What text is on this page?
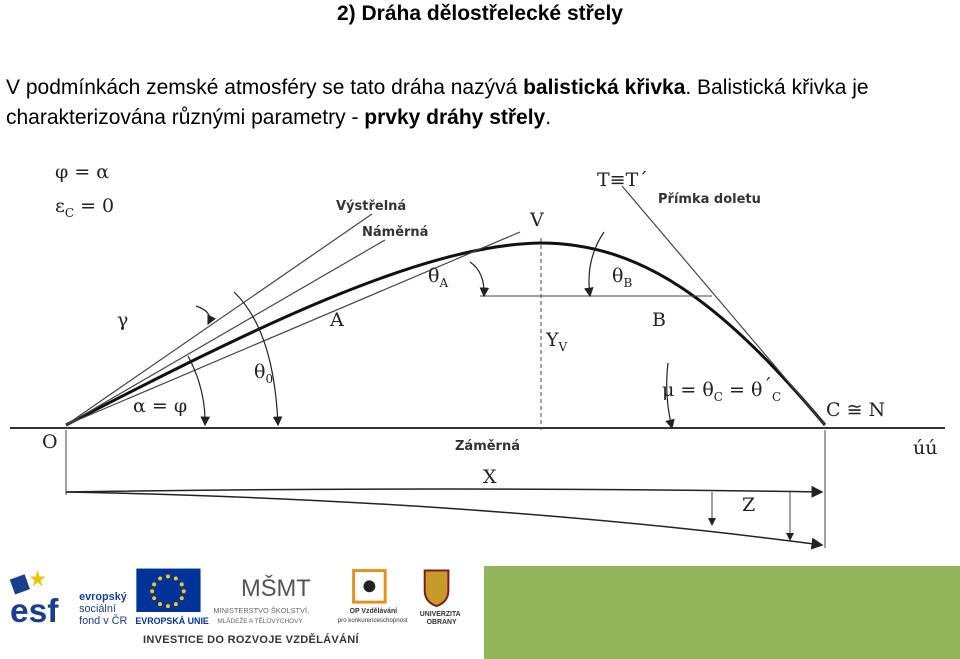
2) Dráha dělostřelecké střely
V podmínkách zemské atmosféry se tato dráha nazývá balistická křivka. Balistická křivka je charakterizována různými parametry - prvky dráhy střely.
φ = α
$\varepsilon_C = 0$	Výstřelná
Náměrná
V
T≡T´
Přímka doletu
γ
$\theta_A$	$\theta_B$
A	B
$Y_V$
$\theta_0$
α = φ
$\mu = \theta_C$ = $\theta´_C$
C ≅ N
O	Záměrná	úú
X
Z
esf evropský
sociální
fond v ČR EVROPSKÁ UNIE
MŠMT
MINISTERSTVO ŠKOLSTVÍ,
MLÁDEŽE A TĚLOVÝCHOVY
OP Vzdělávání
pro konkurenceschopnost
UNIVERZITA
OBRANY
INVESTICE DO ROZVOJE VZDĚLÁVÁNÍ
